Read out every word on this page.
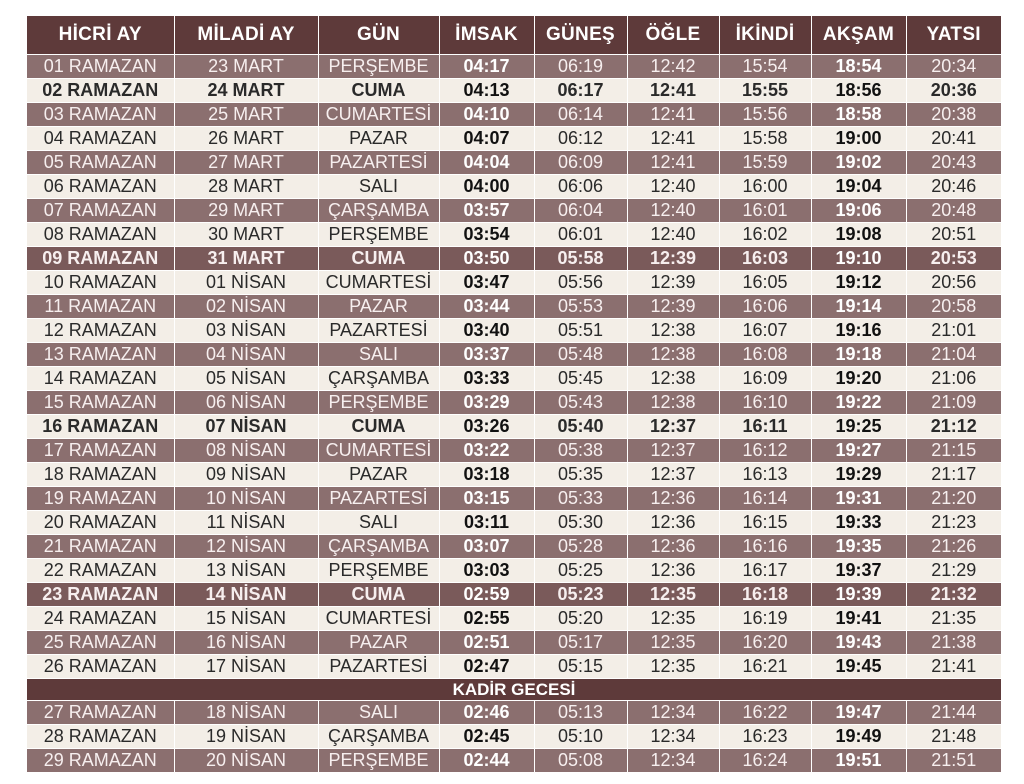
HİCRİ AY	MİLADİ AY	GÜN	İMSAK	GÜNEŞ	ÖĞLE	İKİNDİ	AKŞAM	YATSI
01 RAMAZAN	23 MART	PERŞEMBE	04:17	06:19	12:42	15:54	18:54	20:34
02 RAMAZAN	24 MART	CUMA	04:13	06:17	12:41	15:55	18:56	20:36
03 RAMAZAN	25 MART	CUMARTESİ	04:10	06:14	12:41	15:56	18:58	20:38
04 RAMAZAN	26 MART	PAZAR	04:07	06:12	12:41	15:58	19:00	20:41
05 RAMAZAN	27 MART	PAZARTESİ	04:04	06:09	12:41	15:59	19:02	20:43
06 RAMAZAN	28 MART	SALI	04:00	06:06	12:40	16:00	19:04	20:46
07 RAMAZAN	29 MART	ÇARŞAMBA	03:57	06:04	12:40	16:01	19:06	20:48
08 RAMAZAN	30 MART	PERŞEMBE	03:54	06:01	12:40	16:02	19:08	20:51
09 RAMAZAN	31 MART	CUMA	03:50	05:58	12:39	16:03	19:10	20:53
10 RAMAZAN	01 NİSAN	CUMARTESİ	03:47	05:56	12:39	16:05	19:12	20:56
11 RAMAZAN	02 NİSAN	PAZAR	03:44	05:53	12:39	16:06	19:14	20:58
12 RAMAZAN	03 NİSAN	PAZARTESİ	03:40	05:51	12:38	16:07	19:16	21:01
13 RAMAZAN	04 NİSAN	SALI	03:37	05:48	12:38	16:08	19:18	21:04
14 RAMAZAN	05 NİSAN	ÇARŞAMBA	03:33	05:45	12:38	16:09	19:20	21:06
15 RAMAZAN	06 NİSAN	PERŞEMBE	03:29	05:43	12:38	16:10	19:22	21:09
16 RAMAZAN	07 NİSAN	CUMA	03:26	05:40	12:37	16:11	19:25	21:12
17 RAMAZAN	08 NİSAN	CUMARTESİ	03:22	05:38	12:37	16:12	19:27	21:15
18 RAMAZAN	09 NİSAN	PAZAR	03:18	05:35	12:37	16:13	19:29	21:17
19 RAMAZAN	10 NİSAN	PAZARTESİ	03:15	05:33	12:36	16:14	19:31	21:20
20 RAMAZAN	11 NİSAN	SALI	03:11	05:30	12:36	16:15	19:33	21:23
21 RAMAZAN	12 NİSAN	ÇARŞAMBA	03:07	05:28	12:36	16:16	19:35	21:26
22 RAMAZAN	13 NİSAN	PERŞEMBE	03:03	05:25	12:36	16:17	19:37	21:29
23 RAMAZAN	14 NİSAN	CUMA	02:59	05:23	12:35	16:18	19:39	21:32
24 RAMAZAN	15 NİSAN	CUMARTESİ	02:55	05:20	12:35	16:19	19:41	21:35
25 RAMAZAN	16 NİSAN	PAZAR	02:51	05:17	12:35	16:20	19:43	21:38
26 RAMAZAN	17 NİSAN	PAZARTESİ	02:47	05:15	12:35	16:21	19:45	21:41
KADİR GECESİ								
27 RAMAZAN	18 NİSAN	SALI	02:46	05:13	12:34	16:22	19:47	21:44
28 RAMAZAN	19 NİSAN	ÇARŞAMBA	02:45	05:10	12:34	16:23	19:49	21:48
29 RAMAZAN	20 NİSAN	PERŞEMBE	02:44	05:08	12:34	16:24	19:51	21:51
